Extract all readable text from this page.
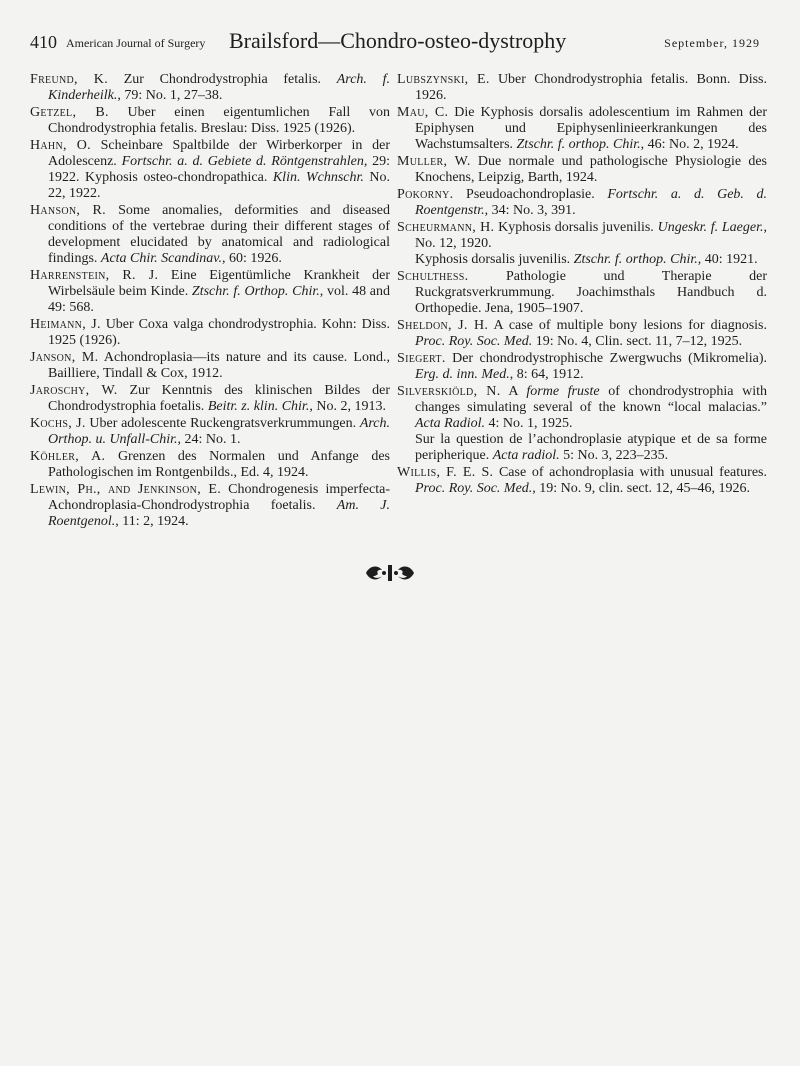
410 American Journal of Surgery Brailsford—Chondro-osteo-dystrophy	September, 1929

Freund, K. Zur Chondrodystrophia fetalis. Arch. f. Kinderheilk., 79: No. 1, 27–38.

Getzel, B. Uber einen eigentumlichen Fall von Chondrodystrophia fetalis. Breslau: Diss. 1925 (1926).

Hahn, O. Scheinbare Spaltbilde der Wirberkorper in der Adolescenz. Fortschr. a. d. Gebiete d. Röntgenstrahlen, 29: 1922. Kyphosis osteo-chondropathica. Klin. Wchnschr. No. 22, 1922.

Hanson, R. Some anomalies, deformities and diseased conditions of the vertebrae during their different stages of development elucidated by anatomical and radiological findings. Acta Chir. Scandinav., 60: 1926.

Harrenstein, R. J. Eine Eigentümliche Krankheit der Wirbelsäule beim Kinde. Ztschr. f. Orthop. Chir., vol. 48 and 49: 568.

Heimann, J. Uber Coxa valga chondrodystrophia. Kohn: Diss. 1925 (1926).

Janson, M. Achondroplasia—its nature and its cause. Lond., Bailliere, Tindall & Cox, 1912.

Jaroschy, W. Zur Kenntnis des klinischen Bildes der Chondrodystrophia foetalis. Beitr. z. klin. Chir., No. 2, 1913.

Kochs, J. Uber adolescente Ruckengratsverkrummungen. Arch. Orthop. u. Unfall-Chir., 24: No. 1.

Köhler, A. Grenzen des Normalen und Anfange des Pathologischen im Rontgenbilds., Ed. 4, 1924.

Lewin, Ph., and Jenkinson, E. Chondrogenesis imperfecta-Achondroplasia-Chondrodystrophia foetalis. Am. J. Roentgenol., 11: 2, 1924.

Lubszynski, E. Uber Chondrodystrophia fetalis. Bonn. Diss. 1926.

Mau, C. Die Kyphosis dorsalis adolescentium im Rahmen der Epiphysen und Epiphysenlinieerkrankungen des Wachstumsalters. Ztschr. f. orthop. Chir., 46: No. 2, 1924.

Muller, W. Due normale und pathologische Physiologie des Knochens, Leipzig, Barth, 1924.

Pokorny. Pseudoachondroplasie. Fortschr. a. d. Geb. d. Roentgenstr., 34: No. 3, 391.

Scheurmann, H. Kyphosis dorsalis juvenilis. Ungeskr. f. Laeger., No. 12, 1920.
Kyphosis dorsalis juvenilis. Ztschr. f. orthop. Chir., 40: 1921.

Schulthess. Pathologie und Therapie der Ruckgratsverkrummung. Joachimsthals Handbuch d. Orthopedie. Jena, 1905–1907.

Sheldon, J. H. A case of multiple bony lesions for diagnosis. Proc. Roy. Soc. Med. 19: No. 4, Clin. sect. 11, 7–12, 1925.

Siegert. Der chondrodystrophische Zwergwuchs (Mikromelia). Erg. d. inn. Med., 8: 64, 1912.

Silverskiöld, N. A forme fruste of chondrodystrophia with changes simulating several of the known “local malacias.” Acta Radiol. 4: No. 1, 1925.
Sur la question de l’achondroplasie atypique et de sa forme peripherique. Acta radiol. 5: No. 3, 223–235.

Willis, F. E. S. Case of achondroplasia with unusual features. Proc. Roy. Soc. Med., 19: No. 9, clin. sect. 12, 45–46, 1926.
